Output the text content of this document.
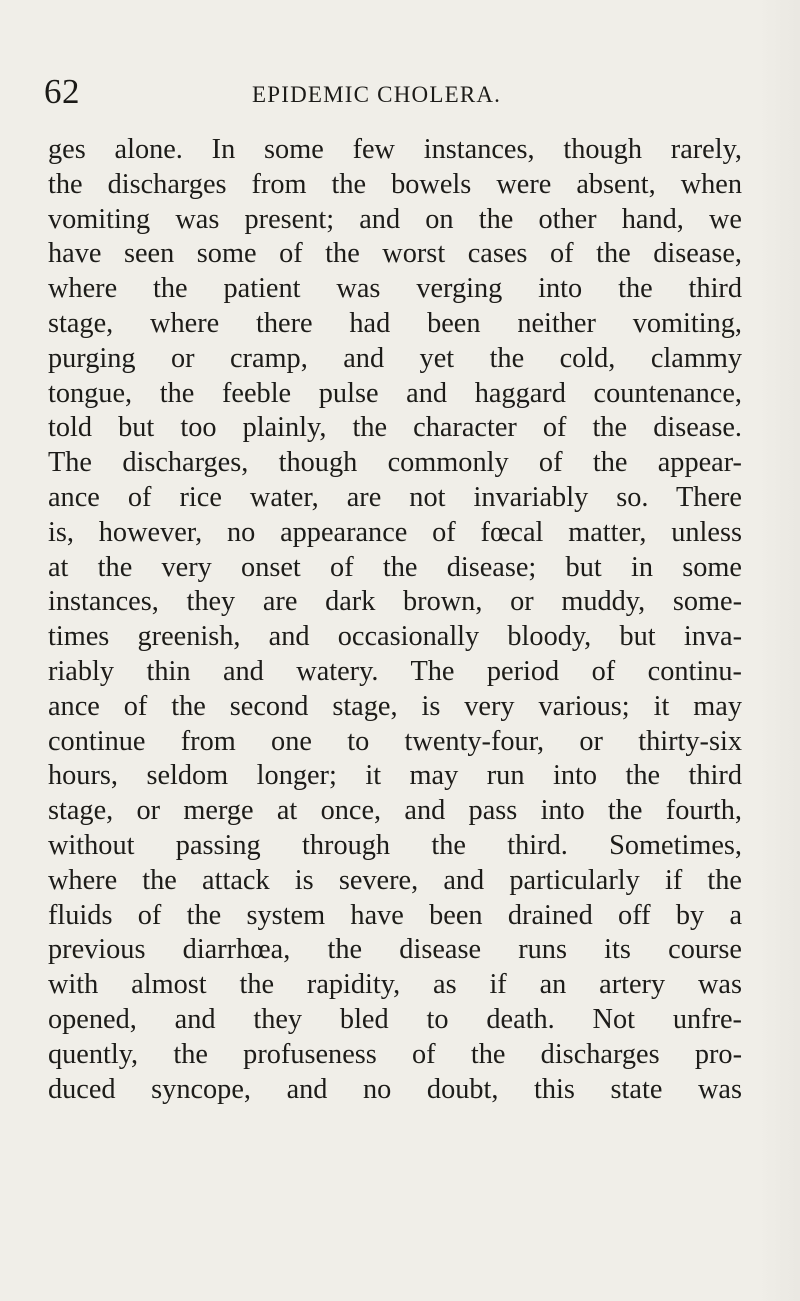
62	EPIDEMIC CHOLERA.
ges alone. In some few instances, though rarely,
the discharges from the bowels were absent, when
vomiting was present; and on the other hand, we
have seen some of the worst cases of the disease,
where the patient was verging into the third
stage, where there had been neither vomiting,
purging or cramp, and yet the cold, clammy
tongue, the feeble pulse and haggard countenance,
told but too plainly, the character of the disease.
The discharges, though commonly of the appear-
ance of rice water, are not invariably so. There
is, however, no appearance of fœcal matter, unless
at the very onset of the disease; but in some
instances, they are dark brown, or muddy, some-
times greenish, and occasionally bloody, but inva-
riably thin and watery. The period of continu-
ance of the second stage, is very various; it may
continue from one to twenty-four, or thirty-six
hours, seldom longer; it may run into the third
stage, or merge at once, and pass into the fourth,
without passing through the third. Sometimes,
where the attack is severe, and particularly if the
fluids of the system have been drained off by a
previous diarrhœa, the disease runs its course
with almost the rapidity, as if an artery was
opened, and they bled to death. Not unfre-
quently, the profuseness of the discharges pro-
duced syncope, and no doubt, this state was
